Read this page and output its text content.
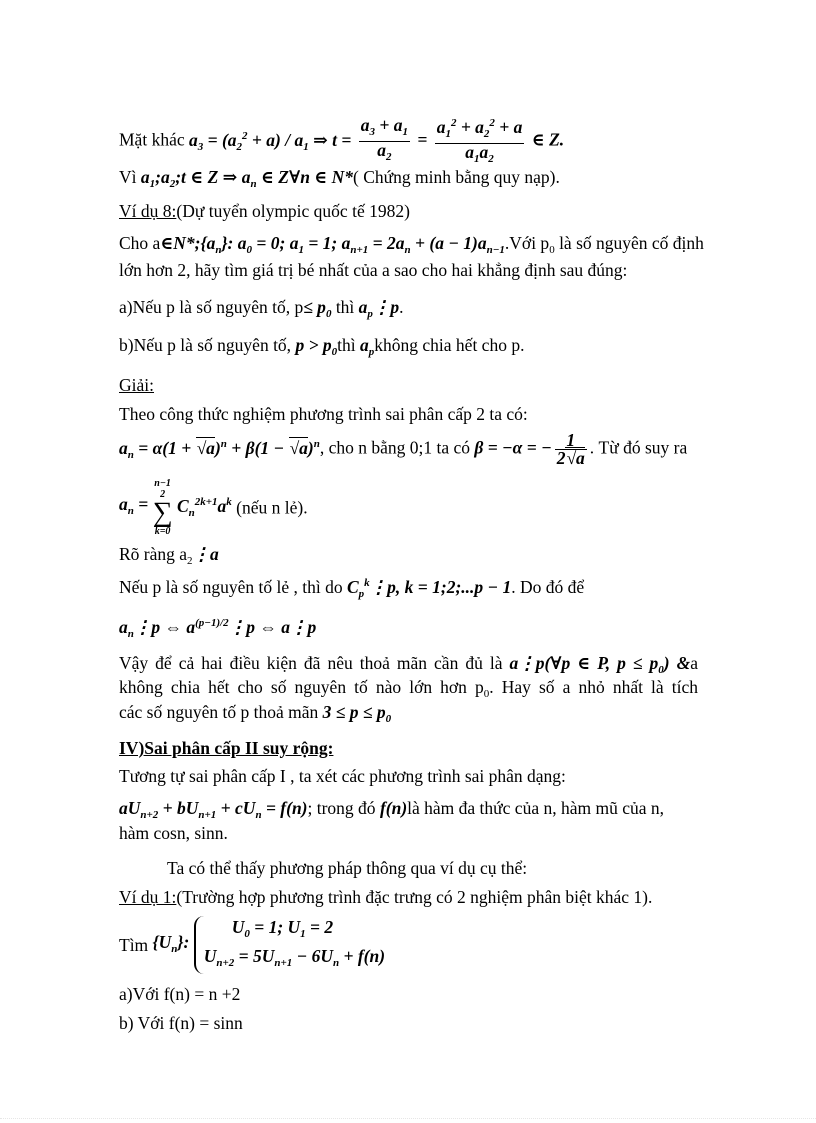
Mặt khác $a_3 = (a_2^2 + a) / a_1$ ⇒ $t = \frac{a_3 + a_1}{a_2} = \frac{a_1^2 + a_2^2 + a}{a_1a_2}$ ∈ Z.
Vì $a_1;a_2;t$ ∈ Z ⇒ $a_n$ ∈ Z∀n ∈ N*( Chứng minh bằng quy nạp).
Ví dụ 8:(Dự tuyển olympic quốc tế 1982)
Cho $a\in N*;\{a_n\}$: $a_0 = 0$; $a_1 = 1$; $a_{n+1} = 2a_n + (a$ − $1)a_{n-1}.Với$ $p_0$ là số nguyên cố định
lớn hơn 2, hãy tìm giá trị bé nhất của a sao cho hai khẳng định sau đúng:
a)Nếu p là số nguyên tố, $p\le p_0$ thì $a_p⋮p$.
b)Nếu p là số nguyên tố, $p > p_0thì$ $a_pkhông$ chia hết cho p.
Giải:
Theo công thức nghiệm phương trình sai phân cấp 2 ta có:
$a_n = \alpha(1 + √a)^n + \beta(1 - √a)^n$, cho n bằng 0;1 ta có β = −α = − $\frac{1}{2√a}$ . Từ đó suy ra
$a_n$ =
n−1
2
∑
k=0
$C_n^{2k+1}a^k$ (nếu n lẻ).
Rõ ràng $a_2⋮a$
Nếu p là số nguyên tố lẻ , thì do $C_p^k⋮p$, k = 1;2;...p − 1. Do đó để
$a_n⋮p$ ⇔ $a^{(p-1)/2}⋮p$ ⇔ a⋮p
Vậy để cả hai điều kiện đã nêu thoả mãn cần đủ là a⋮p(∀p ∈ P, $p \le p_0$) &a
không chia hết cho số nguyên tố nào lớn hơn $p_0$. Hay số a nhỏ nhất là tích
các số nguyên tố p thoả mãn $3 \le p \le p_0$
IV)Sai phân cấp II suy rộng:
Tương tự sai phân cấp I , ta xét các phương trình sai phân dạng:
$aU_{n+2} + bU_{n+1} + cU_n = f(n)$; trong đó f(n)là hàm đa thức của n, hàm mũ của n,
hàm cosn, sinn.
Ta có thể thấy phương pháp thông qua ví dụ cụ thể:
Ví dụ 1:(Trường hợp phương trình đặc trưng có 2 nghiệm phân biệt khác 1).
Tìm $\{U_n\}$:
$U_0 = 1$; $U_1 = 2$
$U_{n+2} = 5U_{n+1} - 6U_n + f(n)$
a)Với f(n) = n +2
b) Với f(n) = sinn
